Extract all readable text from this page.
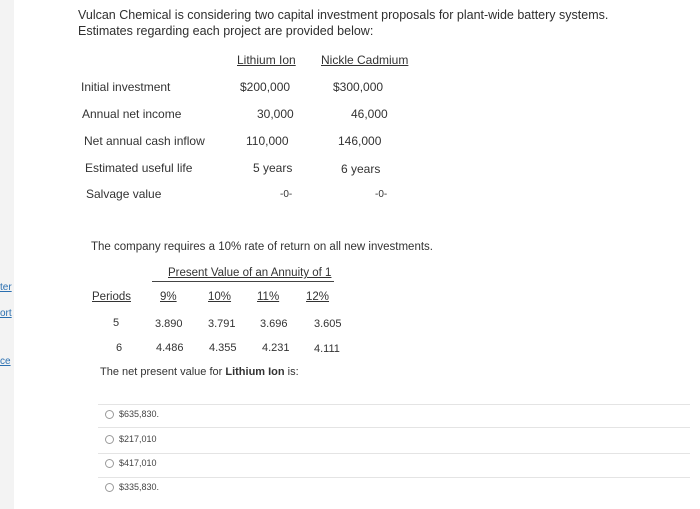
ter
ort
ce
Vulcan Chemical is considering two capital investment proposals for plant-wide battery systems.
Estimates regarding each project are provided below:
Lithium Ion Nickle Cadmium
Initial investment	$200,000	$300,000
Annual net income	30,000	46,000
Net annual cash inflow	110,000	146,000
Estimated useful life	5 years	6 years
Salvage value	-0-	-0-
The company requires a 10% rate of return on all new investments.
Present Value of an Annuity of 1
Periods	9%	10% 11% 12%
5	3.890 3.791 3.696 3.605
6	4.486 4.355 4.231 4.111
The net present value for Lithium Ion is:
$635,830.
$217,010
$417,010
$335,830.
